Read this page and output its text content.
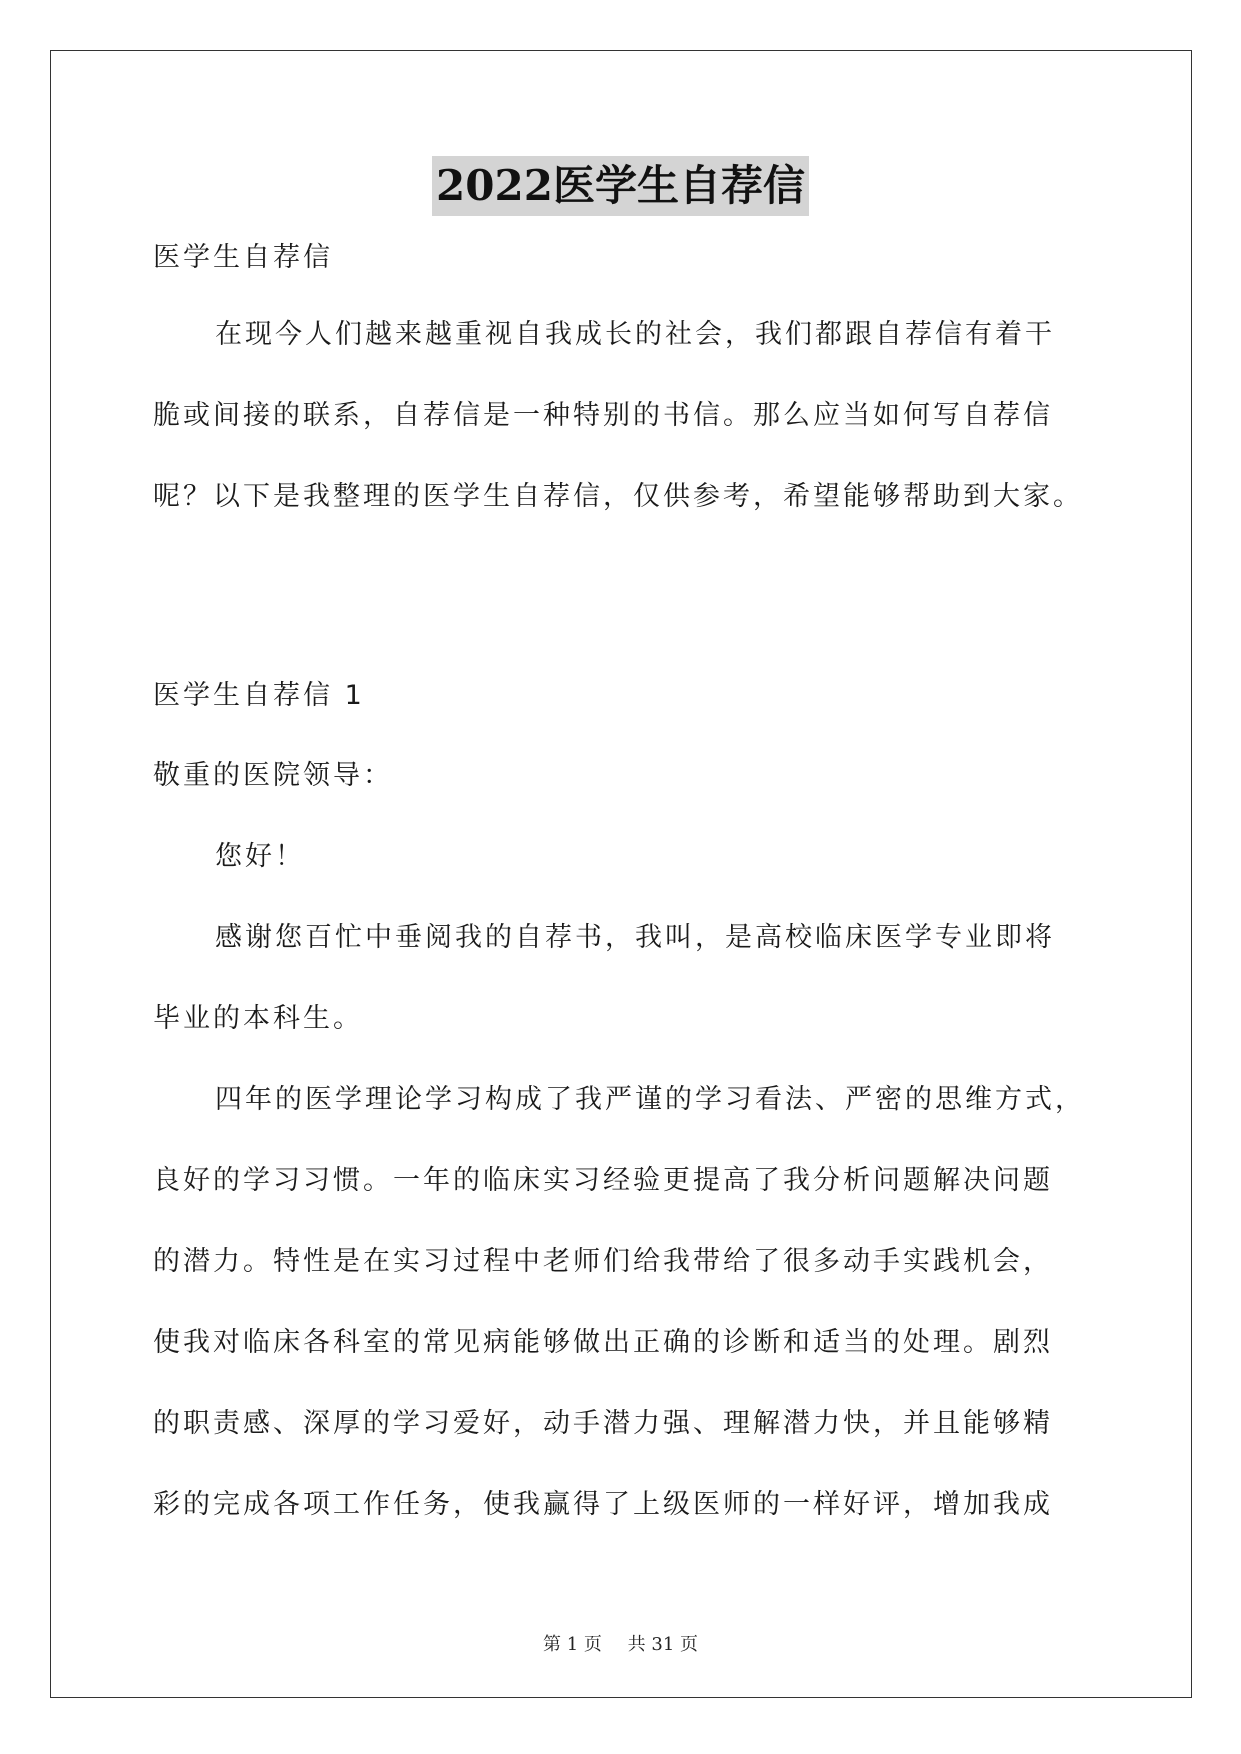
2022医学生自荐信

医学生自荐信

在现今人们越来越重视自我成长的社会，我们都跟自荐信有着干
脆或间接的联系，自荐信是一种特别的书信。那么应当如何写自荐信
呢？以下是我整理的医学生自荐信，仅供参考，希望能够帮助到大家。

医学生自荐信 1

敬重的医院领导：

您好！

感谢您百忙中垂阅我的自荐书，我叫，是高校临床医学专业即将
毕业的本科生。
四年的医学理论学习构成了我严谨的学习看法、严密的思维方式，
良好的学习习惯。一年的临床实习经验更提高了我分析问题解决问题
的潜力。特性是在实习过程中老师们给我带给了很多动手实践机会，
使我对临床各科室的常见病能够做出正确的诊断和适当的处理。剧烈
的职责感、深厚的学习爱好，动手潜力强、理解潜力快，并且能够精
彩的完成各项工作任务，使我赢得了上级医师的一样好评，增加我成
第 1 页 共 31 页
